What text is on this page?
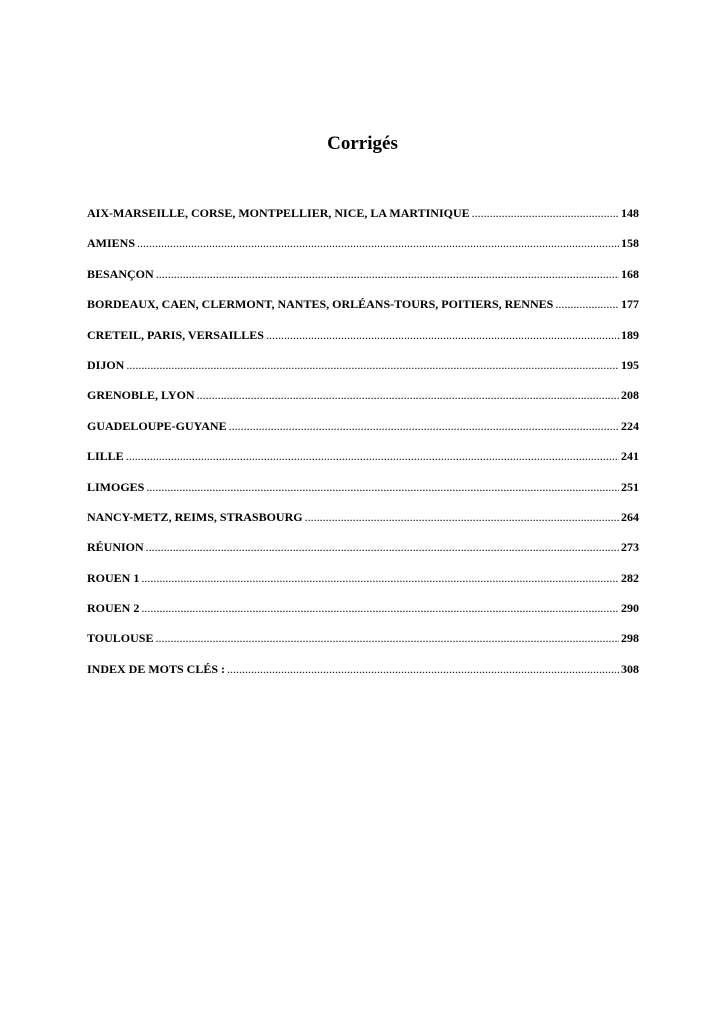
Corrigés
AIX-MARSEILLE, CORSE, MONTPELLIER, NICE, LA MARTINIQUE .....	148
AMIENS .....	158
BESANÇON .....	168
BORDEAUX, CAEN, CLERMONT, NANTES, ORLÉANS-TOURS, POITIERS, RENNES .....	177
CRETEIL, PARIS, VERSAILLES .....	189
DIJON .....	195
GRENOBLE, LYON .....	208
GUADELOUPE-GUYANE .....	224
LILLE .....	241
LIMOGES .....	251
NANCY-METZ, REIMS, STRASBOURG .....	264
RÉUNION .....	273
ROUEN 1 .....	282
ROUEN 2 .....	290
TOULOUSE .....	298
INDEX DE MOTS CLÉS : .....	308
